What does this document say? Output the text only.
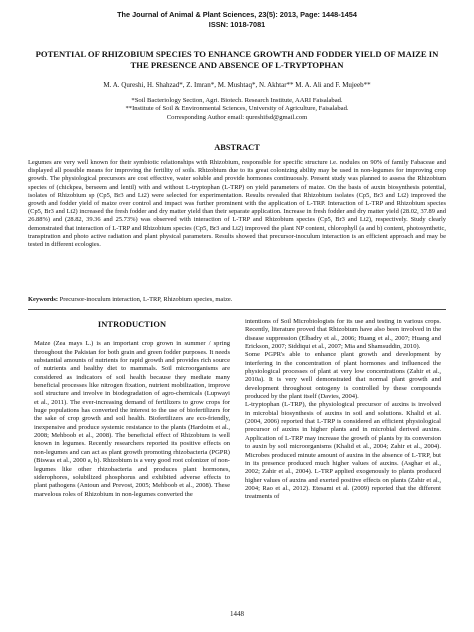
The Journal of Animal & Plant Sciences, 23(5): 2013, Page: 1448-1454
ISSN: 1018-7081
POTENTIAL OF RHIZOBIUM SPECIES TO ENHANCE GROWTH AND FODDER YIELD OF MAIZE IN THE PRESENCE AND ABSENCE OF L-TRYPTOPHAN
M. A. Qureshi, H. Shahzad*, Z. Imran*, M. Mushtaq*, N. Akhtar** M. A. Ali and F. Mujeeb**
*Soil Bacteriology Section, Agri. Biotech. Research Institute, AARI Faisalabad.
**Institute of Soil & Environmental Sciences, University of Agriculture, Faisalabad.
Corresponding Author email: qureshifsd@gmail.com
ABSTRACT
Legumes are very well known for their symbiotic relationships with Rhizobium, responsible for specific structure i.e. nodules on 90% of family Fabaceae and displayed all possible means for improving the fertility of soils. Rhizobium due to its great colonizing ability may be used in non-legumes for improving crop growth. The physiological precursors are cost effective, water soluble and provide hormones continuously. Present study was planned to assess the Rhizobium species of (chickpea, berseem and lentil) with and without L-tryptophan (L-TRP) on yield parameters of maize. On the basis of auxin biosynthesis potential, isolates of Rhizobium sp (Cp5, Br3 and Lt2) were selected for experimentation. Results revealed that Rhizobium isolates (Cp5, Br3 and Lt2) improved the growth and fodder yield of maize over control and impact was further prominent with the application of L-TRP. Interaction of L-TRP and Rhizobium species (Cp5, Br3 and Lt2) increased the fresh fodder and dry matter yield than their separate application. Increase in fresh fodder and dry matter yield (28.02, 37.89 and 26.88%) and (28.82, 39.36 and 25.73%) was observed with interaction of L-TRP and Rhizobium species (Cp5, Br3 and Lt2), respectively. Study clearly demonstrated that interaction of L-TRP and Rhizobium species (Cp5, Br3 and Lt2) improved the plant NP content, chlorophyll (a and b) content, photosynthetic, transpiration and photo active radiation and plant physical parameters. Results showed that precursor-inoculum interaction is an efficient approach and may be tested in different ecologies.
Keywords: Precursor-inoculum interaction, L-TRP, Rhizobium species, maize.
INTRODUCTION

Maize (Zea mays L.) is an important crop grown in summer / spring throughout the Pakistan for both grain and green fodder purposes. It needs substantial amounts of nutrients for rapid growth and provides rich source of nutrients and healthy diet to mammals. Soil microorganisms are considered as indicators of soil health because they mediate many beneficial processes like nitrogen fixation, nutrient mobilization, improve soil structure and involve in biodegradation of agro-chemicals (Lupwayi et al., 2011). The ever-increasing demand of fertilizers to grow crops for huge populations has converted the interest to the use of biofertilizers for the sake of crop growth and soil health. Biofertilizers are eco-friendly, inexpensive and produce systemic resistance to the plants (Hardoim et al., 2008; Mehboob et al., 2008). The beneficial effect of Rhizobium is well known in legumes. Recently researchers reported its positive effects on non-legumes and can act as plant growth promoting rhizobacteria (PGPR) (Biswas et al., 2000 a, b). Rhizobium is a very good root colonizer of non-legumes like other rhizobacteria and produces plant hormones, siderophores, solubilized phosphorus and exhibited adverse effects to plant pathogens (Antoun and Prevost, 2005; Mehboob et al., 2008). These marvelous roles of Rhizobium in non-legumes converted the

intentions of Soil Microbiologists for its use and testing in various crops. Recently, literature proved that Rhizobium have also been involved in the disease suppression (Elbadry et al., 2006; Huang et al., 2007; Huang and Erickson, 2007; Siddiqui et al., 2007; Mia and Shamsuddin, 2010).

Some PGPR's able to enhance plant growth and development by interfering in the concentration of plant hormones and influenced the physiological processes of plant at very low concentrations (Zahir et al., 2010a). It is very well demonstrated that normal plant growth and development throughout ontogeny is controlled by these compounds produced by the plant itself (Davies, 2004).

L-tryptophan (L-TRP), the physiological precursor of auxins is involved in microbial biosynthesis of auxins in soil and solutions. Khalid et al. (2004, 2006) reported that L-TRP is considered an efficient physiological precursor of auxins in higher plants and in microbial derived auxins. Application of L-TRP may increase the growth of plants by its conversion to auxin by soil microorganisms (Khalid et al., 2004; Zahir et al., 2004). Microbes produced minute amount of auxins in the absence of L-TRP, but in its presence produced much higher values of auxins. (Asghar et al., 2002; Zahir et al., 2004). L-TRP applied exogenously to plants produced higher values of auxins and exerted positive effects on plants (Zahir et al., 2004; Rao et al., 2012). Etesami et al. (2009) reported that the different treatments of

1448
